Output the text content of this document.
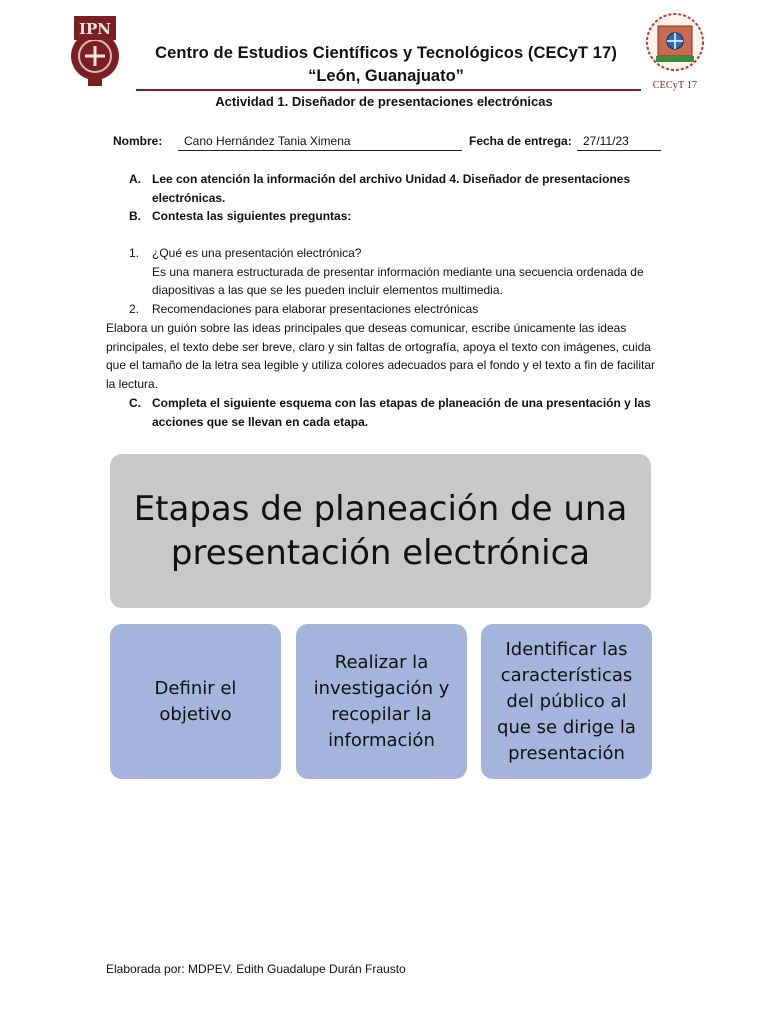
IPN
Centro de Estudios Científicos y Tecnológicos (CECyT 17)
“León, Guanajuato”
CECyT 17
Actividad 1. Diseñador de presentaciones electrónicas
Nombre:	Cano Hernández Tania Ximena	Fecha de entrega: 27/11/23
A. Lee con atención la información del archivo Unidad 4. Diseñador de presentaciones electrónicas.
B. Contesta las siguientes preguntas:
1. ¿Qué es una presentación electrónica?
Es una manera estructurada de presentar información mediante una secuencia ordenada de diapositivas a las que se les pueden incluir elementos multimedia.
2. Recomendaciones para elaborar presentaciones electrónicas
Elabora un guión sobre las ideas principales que deseas comunicar, escribe únicamente las ideas principales, el texto debe ser breve, claro y sin faltas de ortografía, apoya el texto con imágenes, cuida que el tamaño de la letra sea legible y utiliza colores adecuados para el fondo y el texto a fin de facilitar la lectura.
C. Completa el siguiente esquema con las etapas de planeación de una presentación y las acciones que se llevan en cada etapa.
Etapas de planeación de una presentación electrónica
Definir el objetivo
Realizar la investigación y recopilar la información
Identificar las características del público al que se dirige la presentación
Elaborada por: MDPEV. Edith Guadalupe Durán Frausto
